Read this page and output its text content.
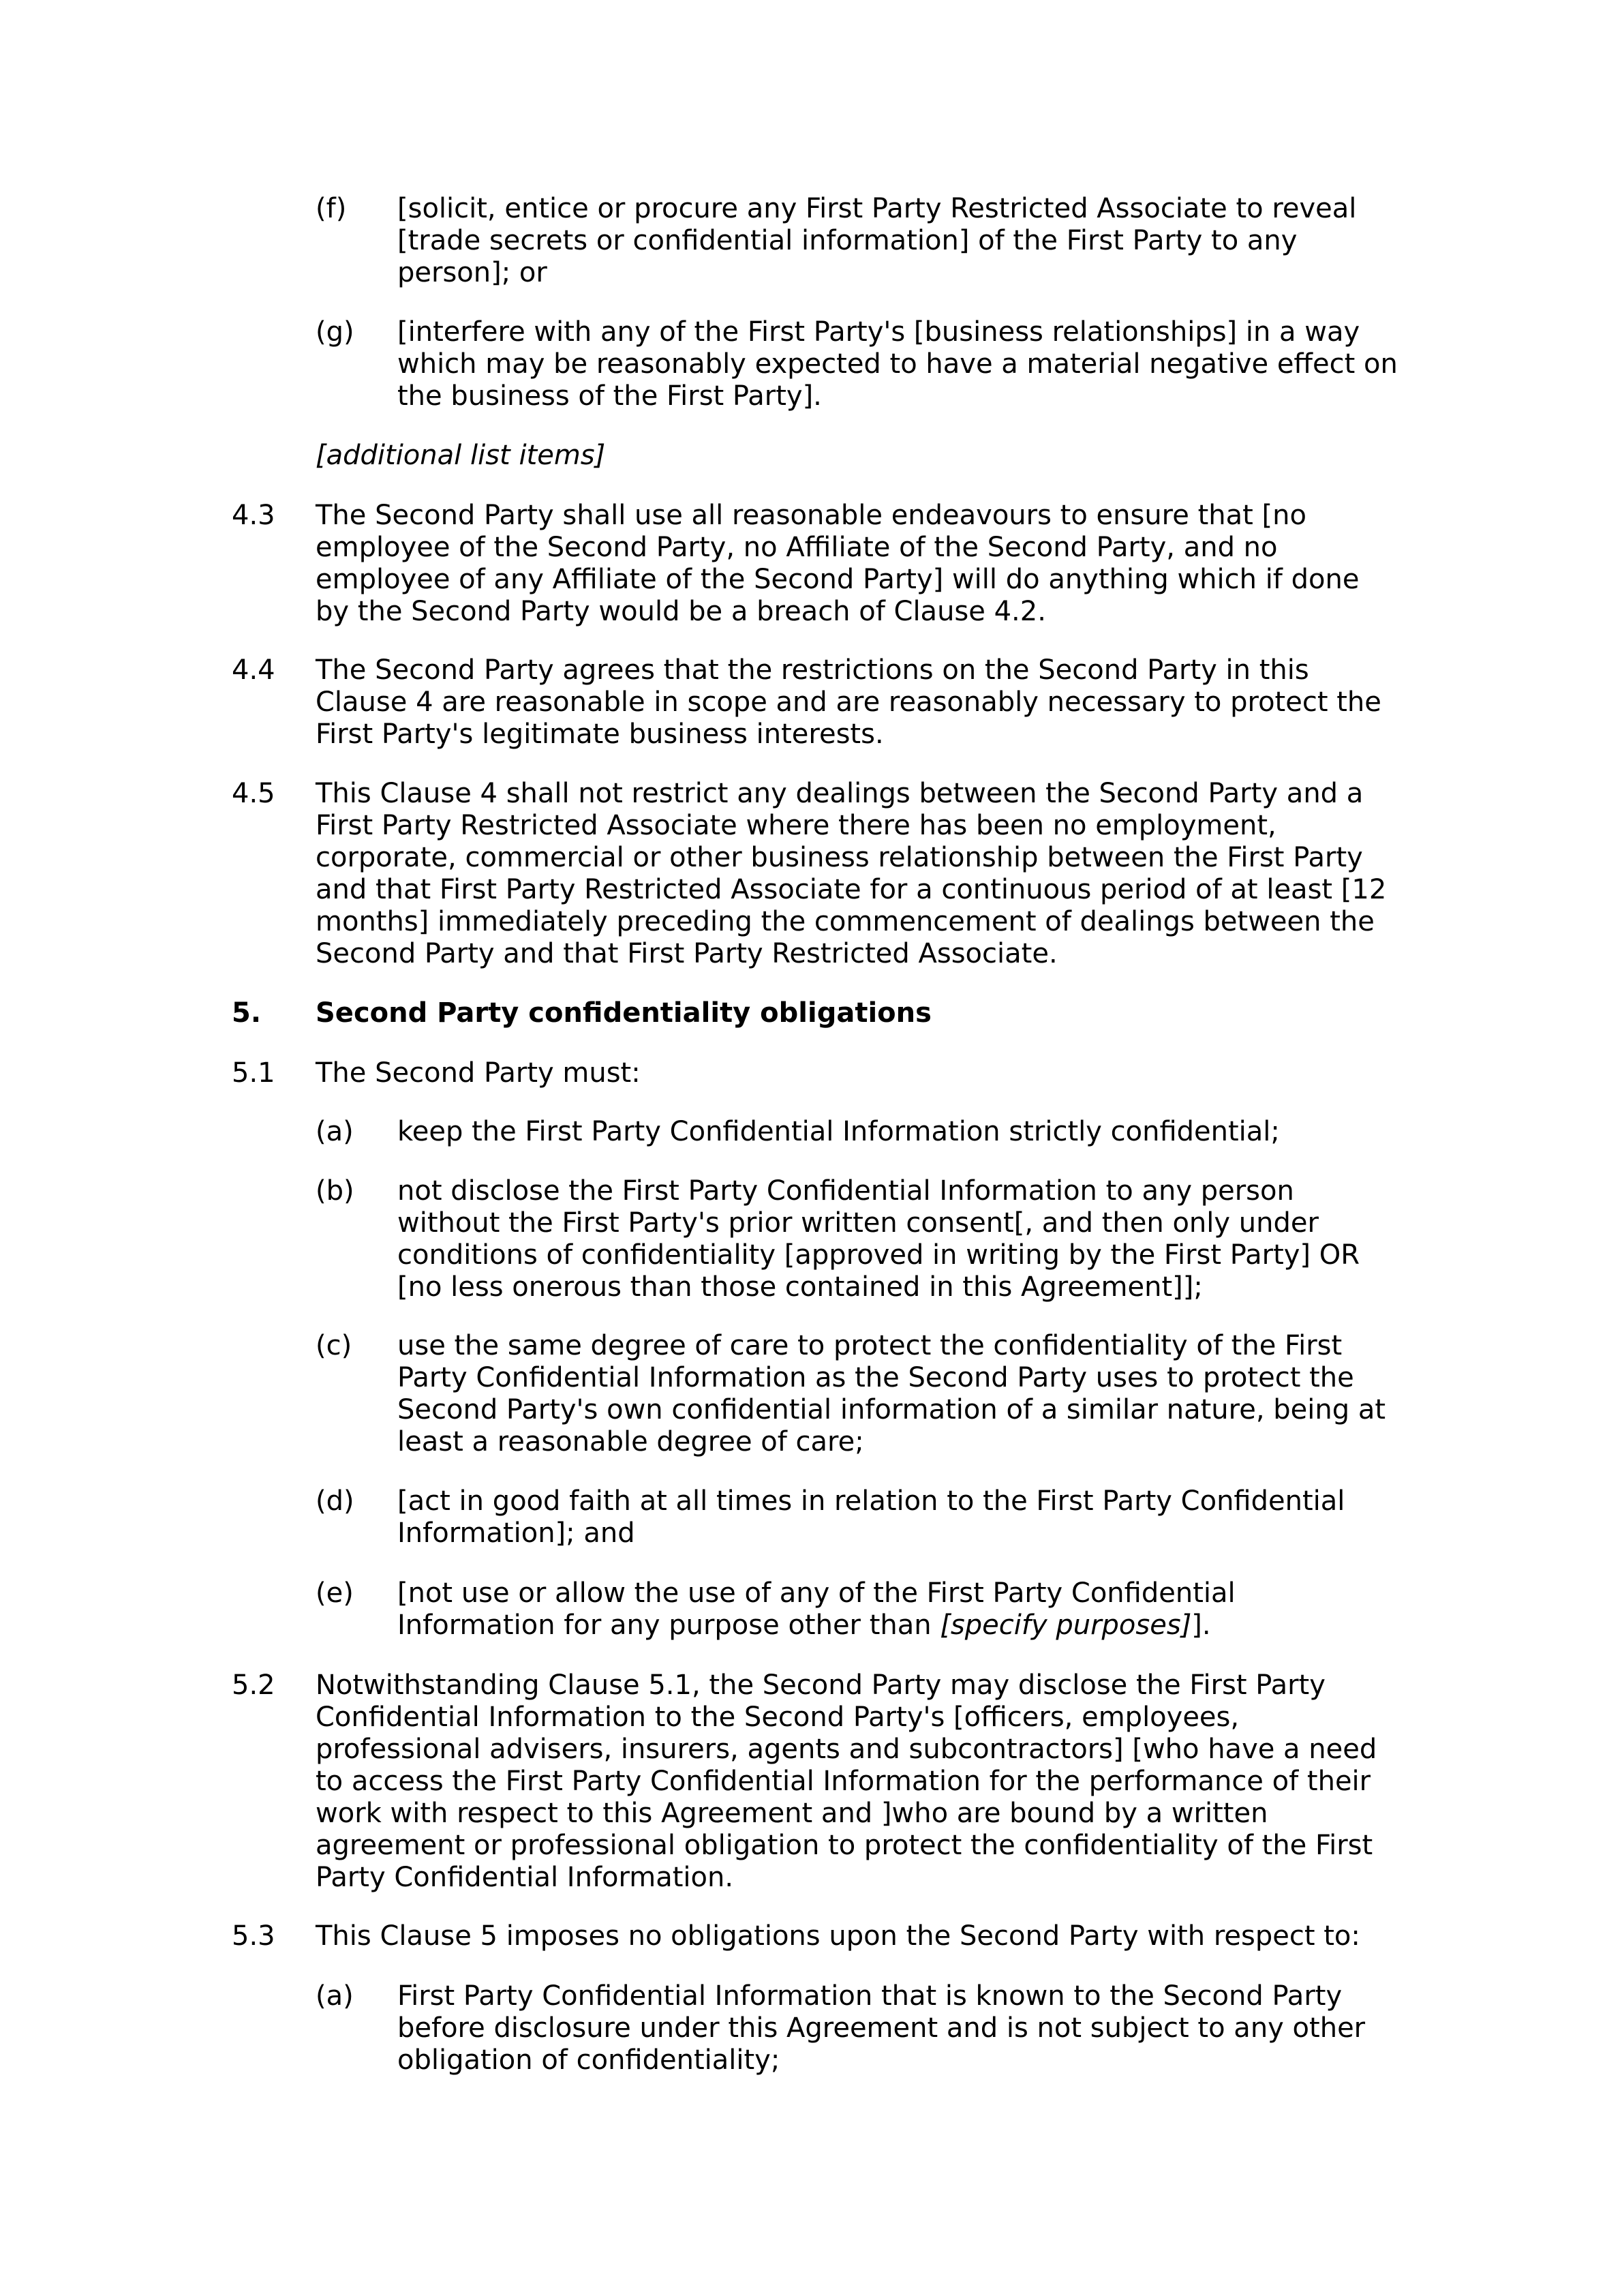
(f) [solicit, entice or procure any First Party Restricted Associate to reveal [trade secrets or confidential information] of the First Party to any person]; or
(g) [interfere with any of the First Party's [business relationships] in a way which may be reasonably expected to have a material negative effect on the business of the First Party].
[additional list items]
4.3 The Second Party shall use all reasonable endeavours to ensure that [no employee of the Second Party, no Affiliate of the Second Party, and no employee of any Affiliate of the Second Party] will do anything which if done by the Second Party would be a breach of Clause 4.2.
4.4 The Second Party agrees that the restrictions on the Second Party in this Clause 4 are reasonable in scope and are reasonably necessary to protect the First Party's legitimate business interests.
4.5 This Clause 4 shall not restrict any dealings between the Second Party and a First Party Restricted Associate where there has been no employment, corporate, commercial or other business relationship between the First Party and that First Party Restricted Associate for a continuous period of at least [12 months] immediately preceding the commencement of dealings between the Second Party and that First Party Restricted Associate.
5. Second Party confidentiality obligations
5.1 The Second Party must:
(a) keep the First Party Confidential Information strictly confidential;
(b) not disclose the First Party Confidential Information to any person without the First Party's prior written consent[, and then only under conditions of confidentiality [approved in writing by the First Party] OR [no less onerous than those contained in this Agreement]];
(c) use the same degree of care to protect the confidentiality of the First Party Confidential Information as the Second Party uses to protect the Second Party's own confidential information of a similar nature, being at least a reasonable degree of care;
(d) [act in good faith at all times in relation to the First Party Confidential Information]; and
(e) [not use or allow the use of any of the First Party Confidential Information for any purpose other than [specify purposes]].
5.2 Notwithstanding Clause 5.1, the Second Party may disclose the First Party Confidential Information to the Second Party's [officers, employees, professional advisers, insurers, agents and subcontractors] [who have a need to access the First Party Confidential Information for the performance of their work with respect to this Agreement and ]who are bound by a written agreement or professional obligation to protect the confidentiality of the First Party Confidential Information.
5.3 This Clause 5 imposes no obligations upon the Second Party with respect to:
(a) First Party Confidential Information that is known to the Second Party before disclosure under this Agreement and is not subject to any other obligation of confidentiality;
